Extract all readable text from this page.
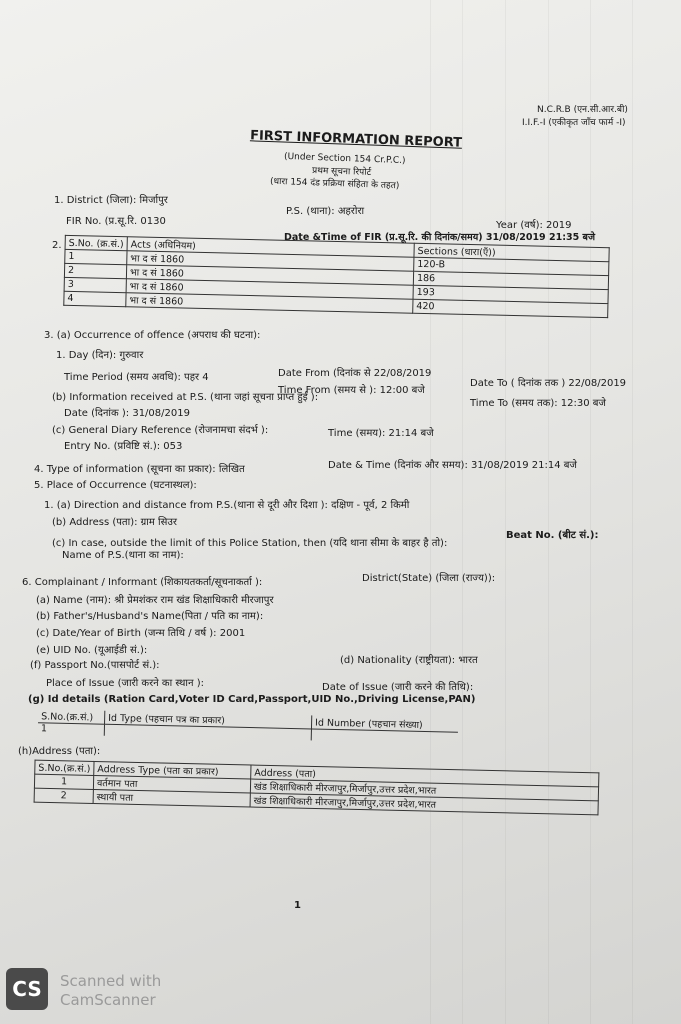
N.C.R.B (एन.सी.आर.बी)
I.I.F.-I (एकीकृत जाँच फार्म -I)
FIRST INFORMATION REPORT
(Under Section 154 Cr.P.C.)
प्रथम सूचना रिपोर्ट
(धारा 154 दंड प्रक्रिया संहिता के तहत)
1. District (जिला): मिर्जापुर
P.S. (थाना): अहरोरा
Year (वर्ष): 2019
FIR No. (प्र.सू.रि. 0130
Date &Time of FIR (प्र.सू.रि. की दिनांक/समय) 31/08/2019 21:35 बजे
2. S.No. (क्र.सं.)	Acts (अधिनियम)	Sections (धारा(एँ))
1	भा द सं 1860	120-B
2	भा द सं 1860	186
3	भा द सं 1860	193
4	भा द सं 1860	420
3. (a) Occurrence of offence (अपराध की घटना):
1. Day (दिन): गुरुवार
Date From (दिनांक से 22/08/2019
Date To ( दिनांक तक ) 22/08/2019
Time Period (समय अवधि): पहर 4
Time From (समय से ): 12:00 बजे
Time To (समय तक): 12:30 बजे
(b) Information received at P.S. (थाना जहां सूचना प्राप्त हुई ):
Date (दिनांक ): 31/08/2019
Time (समय): 21:14 बजे
(c) General Diary Reference (रोजनामचा संदर्भ ):
Entry No. (प्रविष्टि सं.): 053
Date & Time (दिनांक और समय): 31/08/2019 21:14 बजे
4. Type of information (सूचना का प्रकार): लिखित
5. Place of Occurrence (घटनास्थल):
1. (a) Direction and distance from P.S.(थाना से दूरी और दिशा ): दक्षिण - पूर्व, 2 किमी
Beat No. (बीट सं.):
(b) Address (पता): ग्राम सिउर
(c) In case, outside the limit of this Police Station, then (यदि थाना सीमा के बाहर है तो):
Name of P.S.(थाना का नाम):
District(State) (जिला (राज्य)):
6. Complainant / Informant (शिकायतकर्ता/सूचनाकर्ता ):
(a) Name (नाम): श्री प्रेमशंकर राम खंड शिक्षाधिकारी मीरजापुर
(b) Father's/Husband's Name(पिता / पति का नाम):
(c) Date/Year of Birth (जन्म तिथि / वर्ष ): 2001
(d) Nationality (राष्ट्रीयता): भारत
(e) UID No. (यूआईडी सं.):
(f) Passport No.(पासपोर्ट सं.):
Date of Issue (जारी करने की तिथि):
Place of Issue (जारी करने का स्थान ):
(g) Id details (Ration Card,Voter ID Card,Passport,UID No.,Driving License,PAN)
S.No.(क्र.सं.)	Id Type (पहचान पत्र का प्रकार)	Id Number (पहचान संख्या)
1		
(h)Address (पता):
S.No.(क्र.सं.)	Address Type (पता का प्रकार)	Address (पता)
1	वर्तमान पता	खंड शिक्षाधिकारी मीरजापुर,मिर्जापुर,उत्तर प्रदेश,भारत
2	स्थायी पता	खंड शिक्षाधिकारी मीरजापुर,मिर्जापुर,उत्तर प्रदेश,भारत
1
CS	Scanned with
CamScanner
